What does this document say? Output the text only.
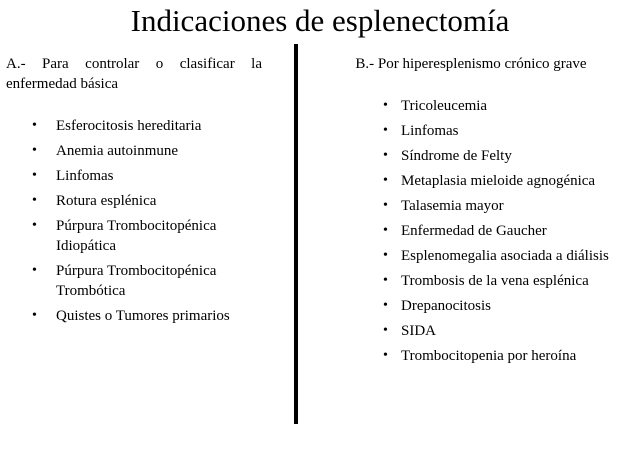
Indicaciones de esplenectomía
A.- Para controlar o clasificar la enfermedad básica
• Esferocitosis hereditaria
• Anemia autoinmune
• Linfomas
• Rotura esplénica
• Púrpura Trombocitopénica Idiopática
• Púrpura Trombocitopénica Trombótica
• Quistes o Tumores primarios
B.- Por hiperesplenismo crónico grave
• Tricoleucemia
• Linfomas
• Síndrome de Felty
• Metaplasia mieloide agnogénica
• Talasemia mayor
• Enfermedad de Gaucher
• Esplenomegalia asociada a diálisis
• Trombosis de la vena esplénica
• Drepanocitosis
• SIDA
• Trombocitopenia por heroína
